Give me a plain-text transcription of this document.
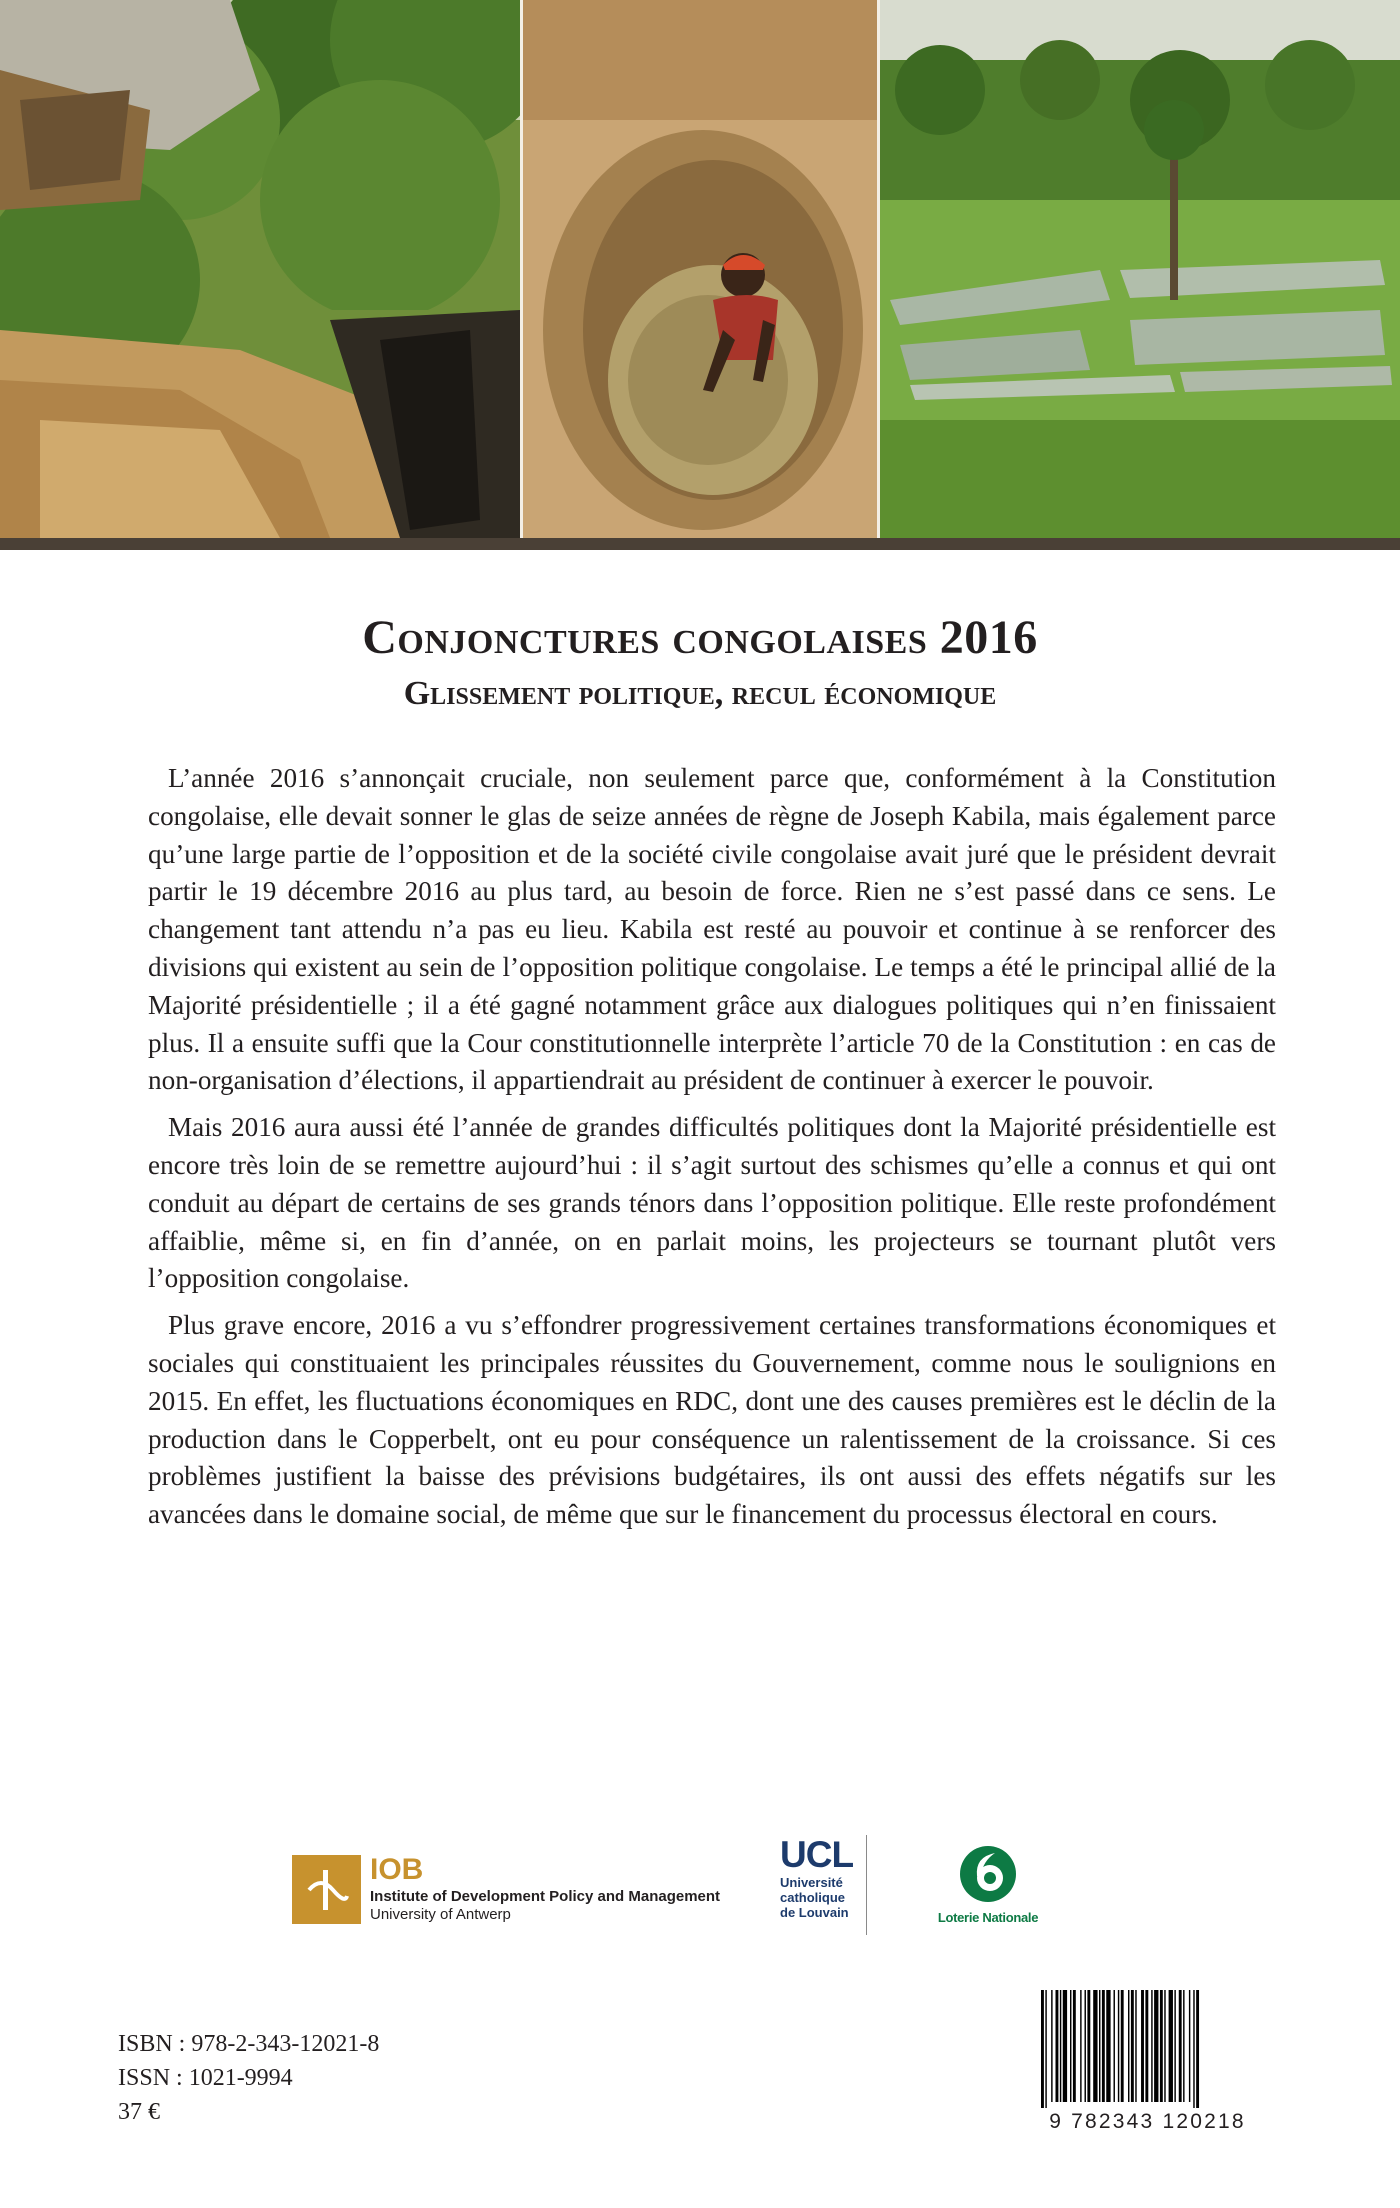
Conjonctures congolaises 2016
Glissement politique, recul économique

L’année 2016 s’annonçait cruciale, non seulement parce que, conformément à la Constitution congolaise, elle devait sonner le glas de seize années de règne de Joseph Kabila, mais également parce qu’une large partie de l’opposition et de la société civile congolaise avait juré que le président devrait partir le 19 décembre 2016 au plus tard, au besoin de force. Rien ne s’est passé dans ce sens. Le changement tant attendu n’a pas eu lieu. Kabila est resté au pouvoir et continue à se renforcer des divisions qui existent au sein de l’opposition politique congolaise. Le temps a été le principal allié de la Majorité présidentielle ; il a été gagné notamment grâce aux dialogues politiques qui n’en finissaient plus. Il a ensuite suffi que la Cour constitutionnelle interprète l’article 70 de la Constitution : en cas de non-organisation d’élections, il appartiendrait au président de continuer à exercer le pouvoir.

Mais 2016 aura aussi été l’année de grandes difficultés politiques dont la Majorité présidentielle est encore très loin de se remettre aujourd’hui : il s’agit surtout des schismes qu’elle a connus et qui ont conduit au départ de certains de ses grands ténors dans l’opposition politique. Elle reste profondément affaiblie, même si, en fin d’année, on en parlait moins, les projecteurs se tournant plutôt vers l’opposition congolaise.

Plus grave encore, 2016 a vu s’effondrer progressivement certaines transformations économiques et sociales qui constituaient les principales réussites du Gouvernement, comme nous le soulignions en 2015. En effet, les fluctuations économiques en RDC, dont une des causes premières est le déclin de la production dans le Copperbelt, ont eu pour conséquence un ralentissement de la croissance. Si ces problèmes justifient la baisse des prévisions budgétaires, ils ont aussi des effets négatifs sur les avancées dans le domaine social, de même que sur le financement du processus électoral en cours.

IOB
Institute of Development Policy and Management
University of Antwerp
UCL
Université
catholique
de Louvain	Loterie Nationale
ISBN : 978-2-343-12021-8
ISSN : 1021-9994
37 €	9 782343 120218
